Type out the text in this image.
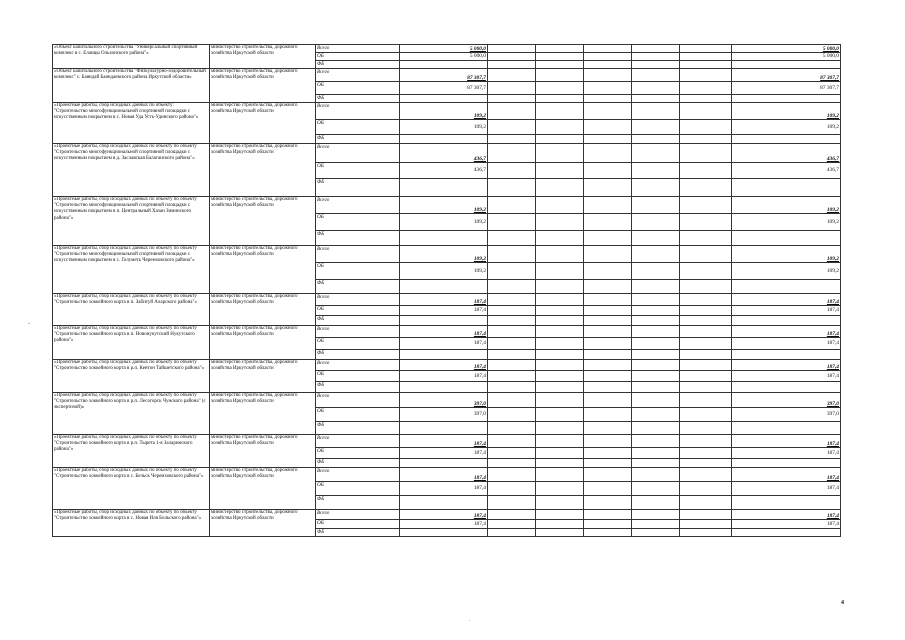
«Объект капитального строительства "Универсальный спортивный комплекс в с. Еланцы Ольхонского района"»	министерство строительства, дорожного хозяйства Иркутской области	Всего	5 000,0						5 000,0
		ОБ	5 000,0						5 000,0
		ФБ							
«Объект капитального строительства "Физкультурно-оздоровительный комплекс" с. Баяндай Баяндаевского района Иркутской области»	министерство строительства, дорожного хозяйства Иркутской области	Всего	87 307,7						87 307,7
		ОБ	87 307,7						87 307,7
		ФБ							
«Проектные работы, сбор исходных данных по объекту: "Строительство многофункциональной спортивной площадки с искусственным покрытием в с. Новая Уда Усть-Удинского района"»	министерство строительства, дорожного хозяйства Иркутской области	Всего	109,2						109,2
		ОБ	109,2						109,2
		ФБ							
«Проектные работы, сбор исходных данных по объекту по объекту "Строительство многофункциональной спортивной площадки с искусственным покрытием в д. Заславская Балаганского района"»	министерство строительства, дорожного хозяйства Иркутской области	Всего	436,7						436,7
		ОБ	436,7						436,7
		ФБ							
«Проектные работы, сбор исходных данных по объекту по объекту "Строительство многофункциональной спортивной площадки с искусственным покрытием в п. Центральный Хазан Зиминского района"»	министерство строительства, дорожного хозяйства Иркутской области	Всего	109,2						109,2
		ОБ	109,2						109,2
		ФБ							
«Проектные работы, сбор исходных данных по объекту по объекту "Строительство многофункциональной спортивной площадки с искусственным покрытием в с. Голуметь Черемховского района"»	министерство строительства, дорожного хозяйства Иркутской области	Всего	109,2						109,2
		ОБ	109,2						109,2
		ФБ							
«Проектные работы, сбор исходных данных по объекту по объекту "Строительство хоккейного корта в п. Забитуй Аларского района"»	министерство строительства, дорожного хозяйства Иркутской области	Всего	187,4						187,4
		ОБ	187,4						187,4
		ФБ							
«Проектные работы, сбор исходных данных по объекту по объекту "Строительство хоккейного корта в п. Новонукутский Нукутского района"»	министерство строительства, дорожного хозяйства Иркутской области	Всего	187,4						187,4
		ОБ	187,4						187,4
		ФБ							
«Проектные работы, сбор исходных данных по объекту по объекту "Строительство хоккейного корта в р.п. Кентон Тайшетского района"»	министерство строительства, дорожного хозяйства Иркутской области	Всего	187,4						187,4
		ОБ	187,4						187,4
		ФБ							
«Проектные работы, сбор исходных данных по объекту по объекту "Строительство хоккейного корта в р.п. Лесогорск Чунского района" (с экспертизой)»	министерство строительства, дорожного хозяйства Иркутской области	Всего	397,0						397,0
		ОБ	397,0						397,0
		ФБ							
«Проектные работы, сбор исходных данных по объекту по объекту "Строительство хоккейного корта в р.п. Тырета 1-я Заларинского района"»	министерство строительства, дорожного хозяйства Иркутской области	Всего	187,4						187,4
		ОБ	187,4						187,4
		ФБ							
«Проектные работы, сбор исходных данных по объекту по объекту "Строительство хоккейного корта в с. Бельск Черемховского района"»	министерство строительства, дорожного хозяйства Иркутской области	Всего	187,4						187,4
		ОБ	187,4						187,4
		ФБ							
«Проектные работы, сбор исходных данных по объекту по объекту "Строительство хоккейного корта в с. Новая Иля Больского района"»	министерство строительства, дорожного хозяйства Иркутской области	Всего	187,4						187,4
		ОБ	187,4						187,4
		ФБ							
-
.
4
